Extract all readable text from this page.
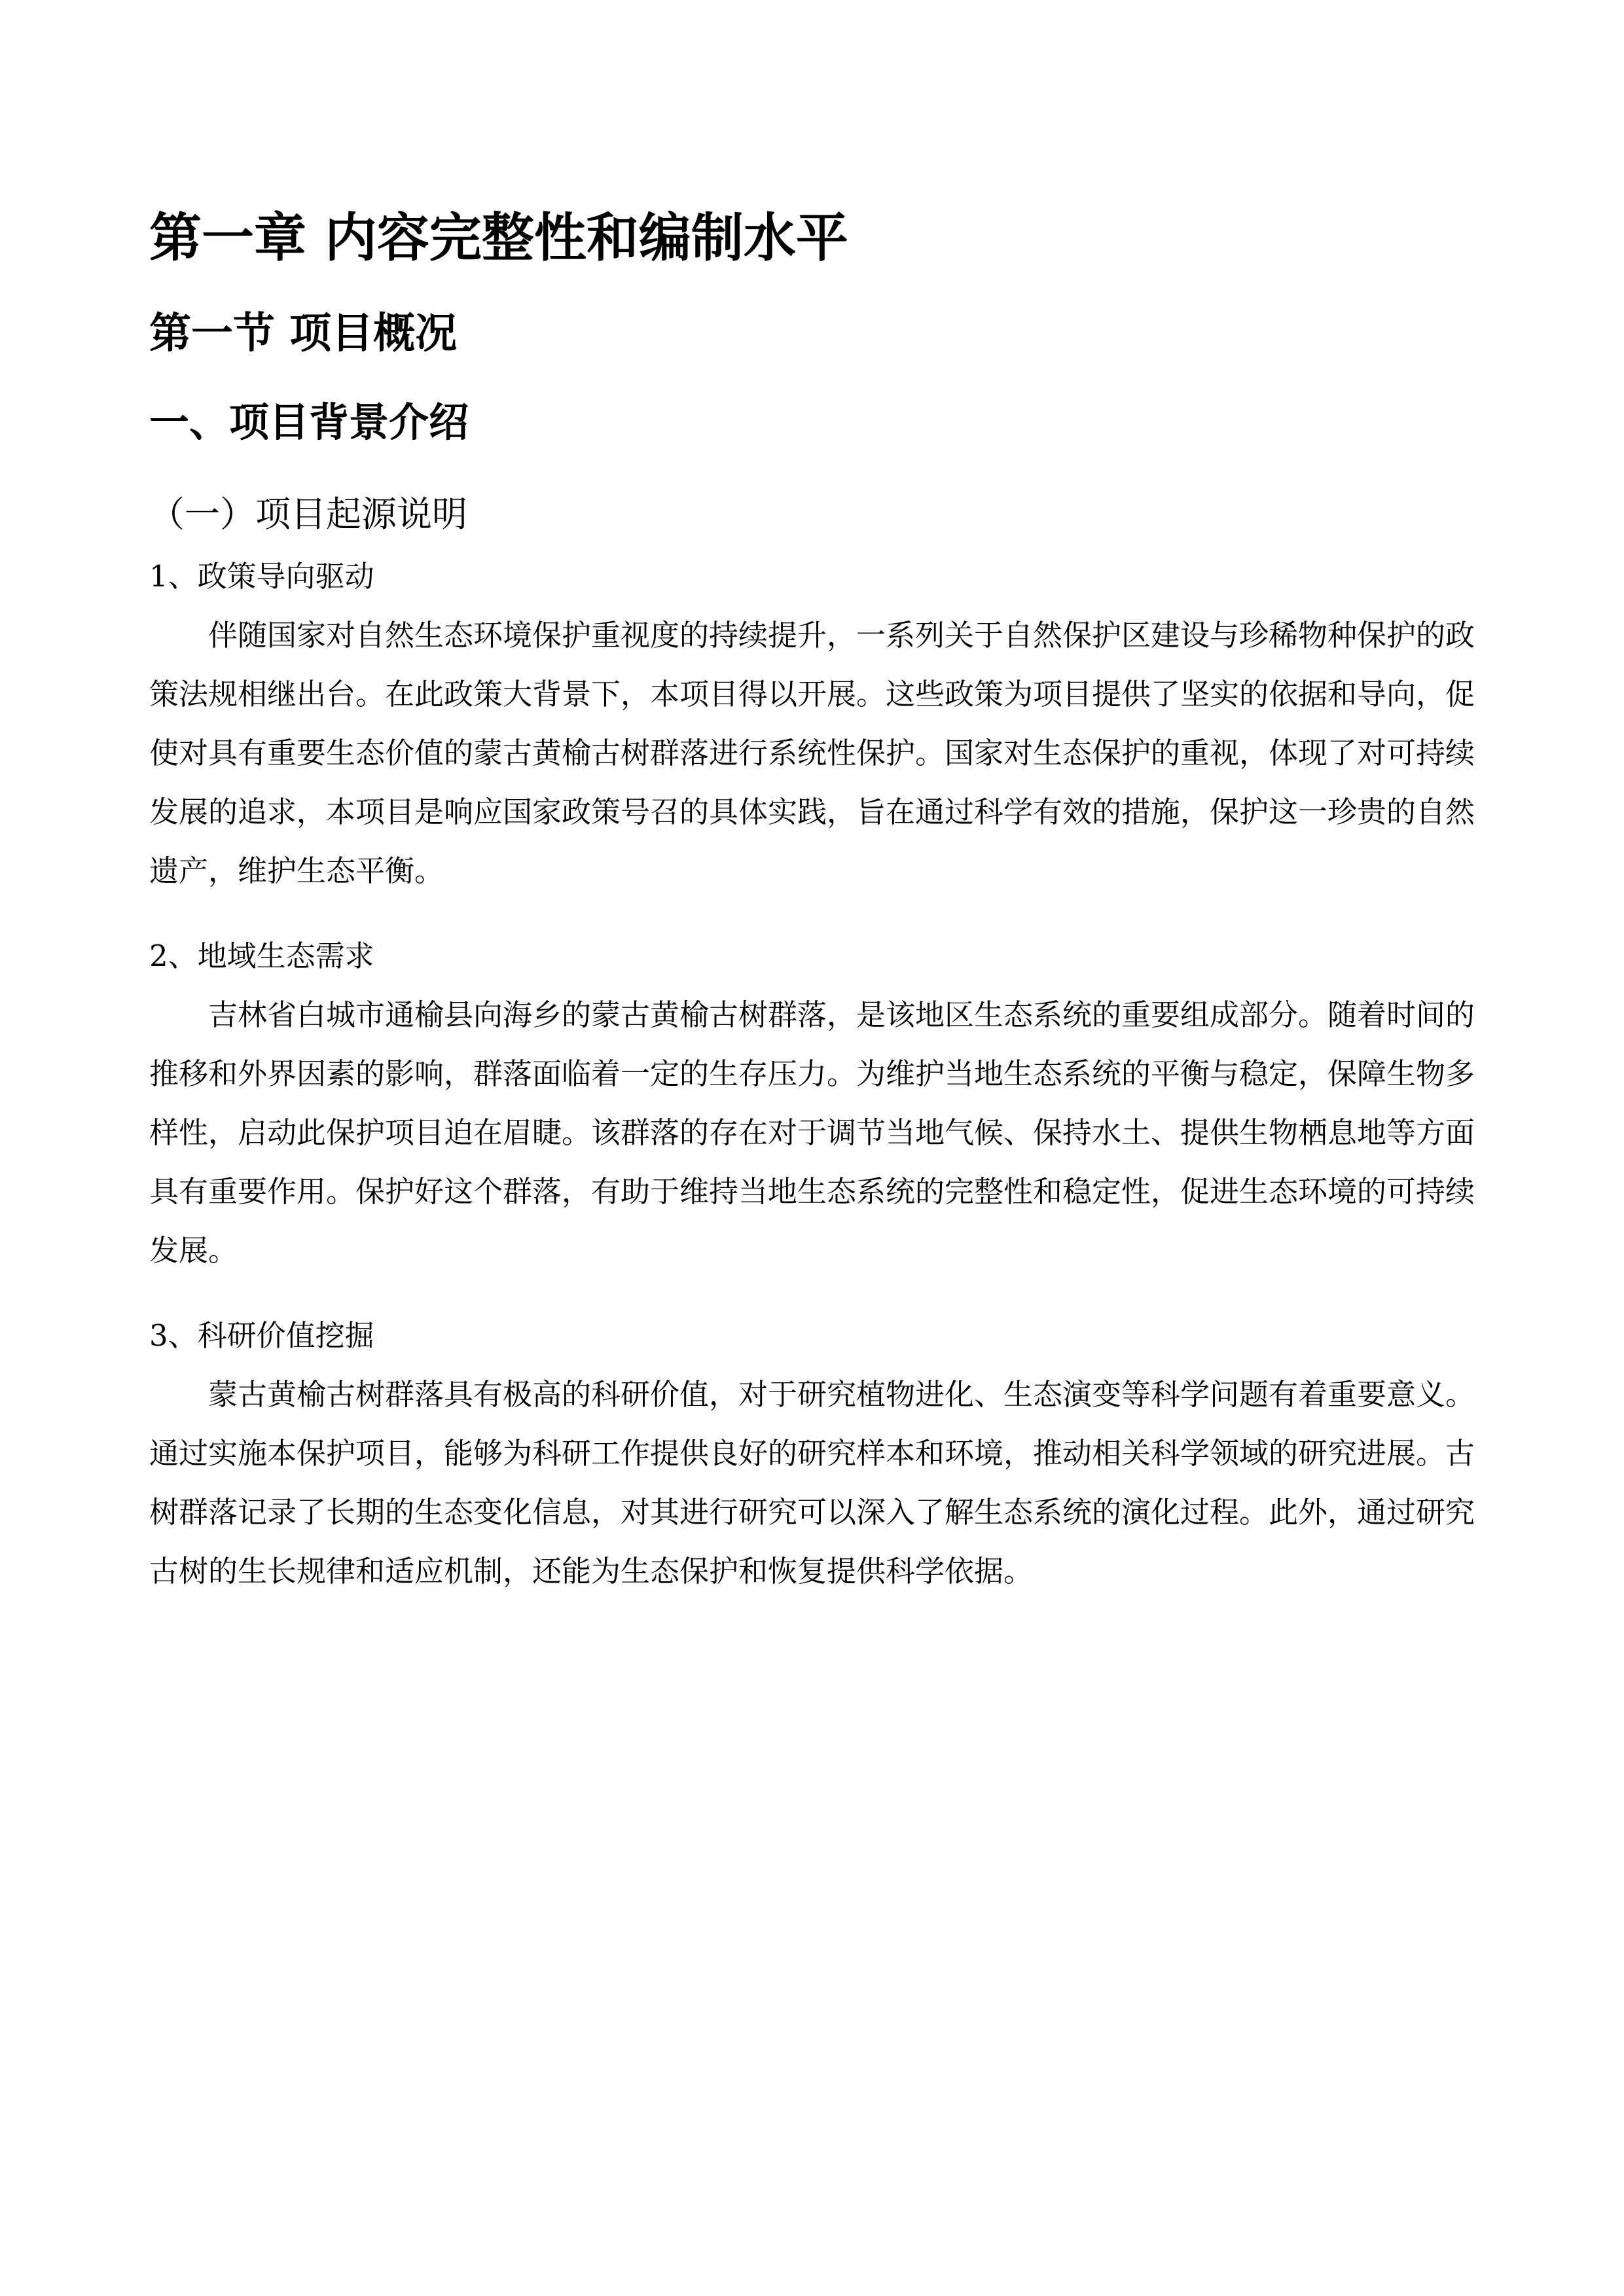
第一章 内容完整性和编制水平
第一节 项目概况
一、项目背景介绍
（一）项目起源说明
1、政策导向驱动

伴随国家对自然生态环境保护重视度的持续提升，一系列关于自然保护区建设与珍稀物种保护的政策法规相继出台。在此政策大背景下，本项目得以开展。这些政策为项目提供了坚实的依据和导向，促使对具有重要生态价值的蒙古黄榆古树群落进行系统性保护。国家对生态保护的重视，体现了对可持续发展的追求，本项目是响应国家政策号召的具体实践，旨在通过科学有效的措施，保护这一珍贵的自然遗产，维护生态平衡。

2、地域生态需求

吉林省白城市通榆县向海乡的蒙古黄榆古树群落，是该地区生态系统的重要组成部分。随着时间的推移和外界因素的影响，群落面临着一定的生存压力。为维护当地生态系统的平衡与稳定，保障生物多样性，启动此保护项目迫在眉睫。该群落的存在对于调节当地气候、保持水土、提供生物栖息地等方面具有重要作用。保护好这个群落，有助于维持当地生态系统的完整性和稳定性，促进生态环境的可持续发展。

3、科研价值挖掘

蒙古黄榆古树群落具有极高的科研价值，对于研究植物进化、生态演变等科学问题有着重要意义。通过实施本保护项目，能够为科研工作提供良好的研究样本和环境，推动相关科学领域的研究进展。古树群落记录了长期的生态变化信息，对其进行研究可以深入了解生态系统的演化过程。此外，通过研究古树的生长规律和适应机制，还能为生态保护和恢复提供科学依据。
